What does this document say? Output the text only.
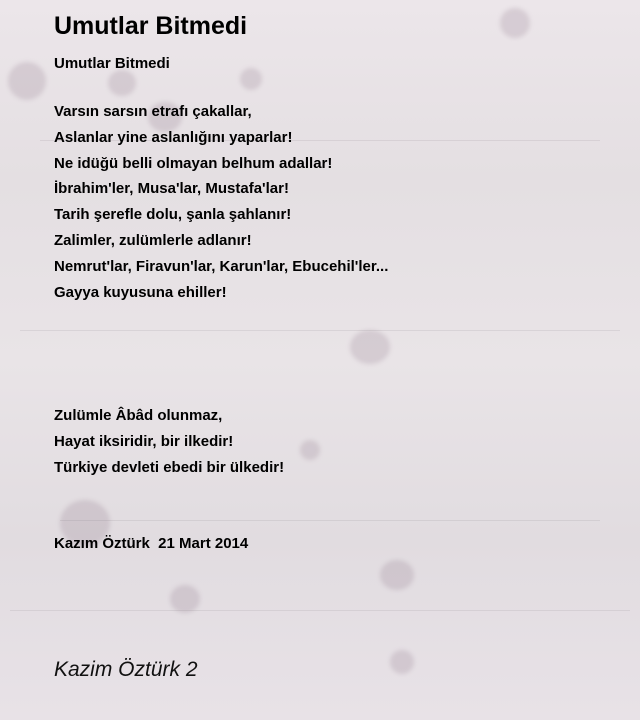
Umutlar Bitmedi
Umutlar Bitmedi
Varsın sarsın etrafı çakallar,
Aslanlar yine aslanlığını yaparlar!
Ne idüğü belli olmayan belhum adallar!
İbrahim'ler, Musa'lar, Mustafa'lar!
Tarih şerefle dolu, şanla şahlanır!
Zalimler, zulümlerle adlanır!
Nemrut'lar, Firavun'lar, Karun'lar, Ebucehil'ler...
Gayya kuyusuna ehiller!
Zulümle Âbâd olunmaz,
Hayat iksiridir, bir ilkedir!
Türkiye devleti ebedi bir ülkedir!
Kazım Öztürk  21 Mart 2014
Kazim Öztürk 2
